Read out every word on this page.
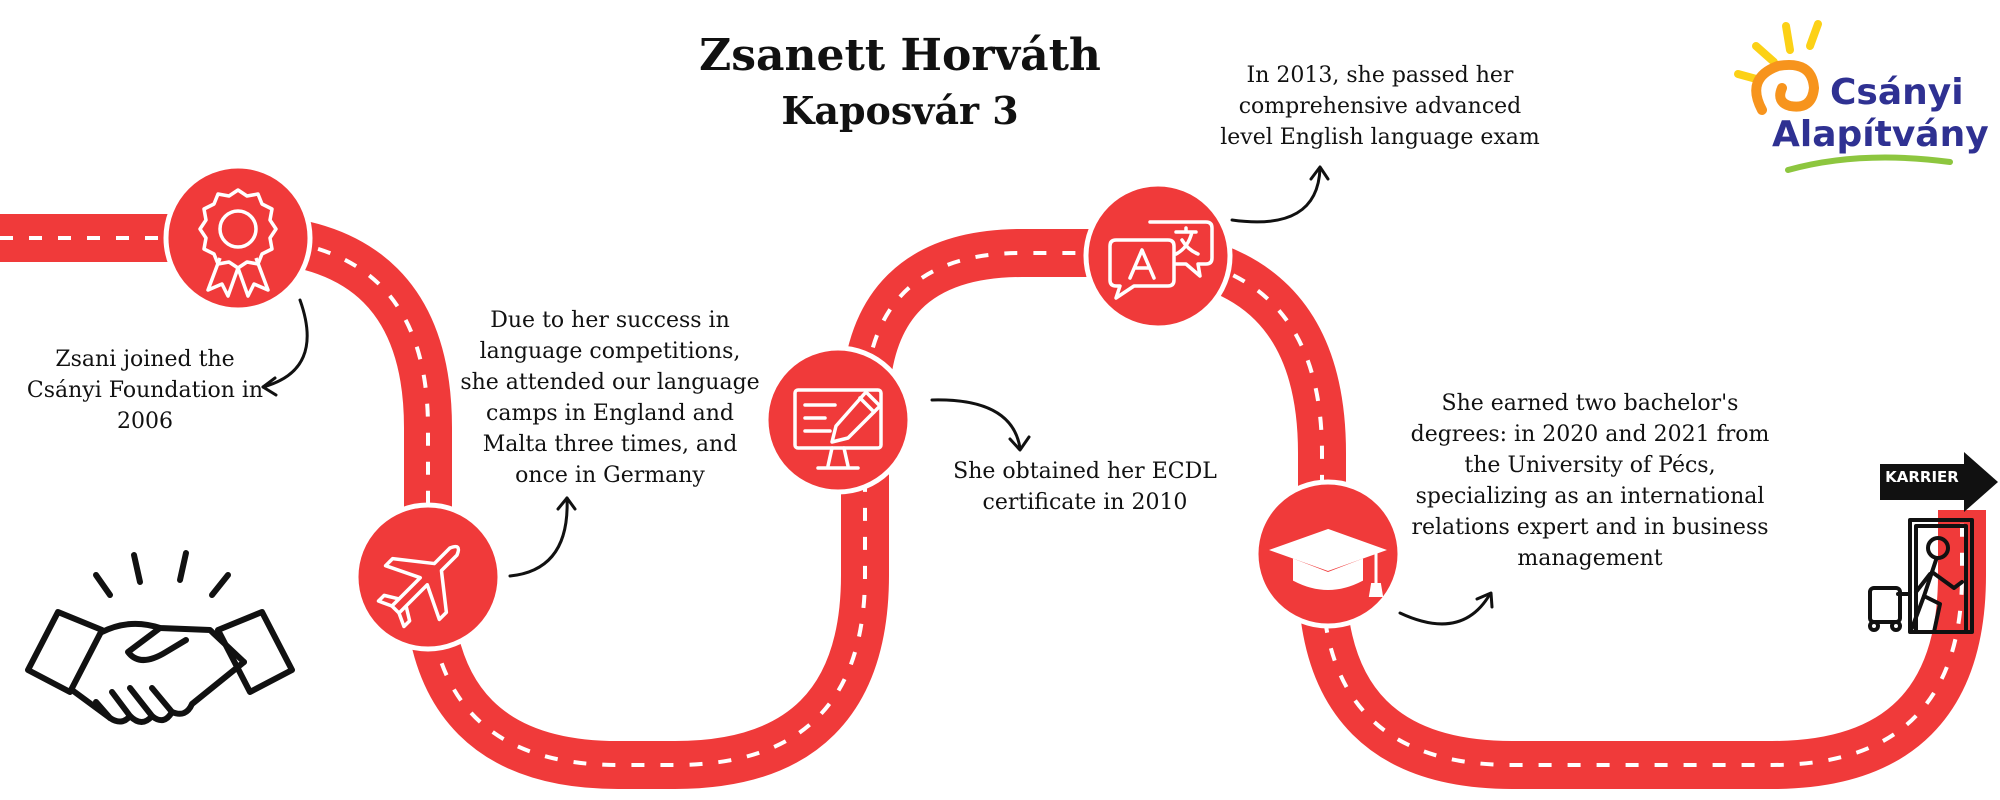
Zsanett Horváth
Kaposvár 3
Zsani joined the Csányi Foundation in 2006
Due to her success in language competitions, she attended our language camps in England and Malta three times, and once in Germany	She obtained her ECDL certificate in 2010
In 2013, she passed her comprehensive advanced level English language exam
She earned two bachelor's degrees: in 2020 and 2021 from the University of Pécs, specializing as an international relations expert and in business management
Csányi
Alapítvány
KARRIER
